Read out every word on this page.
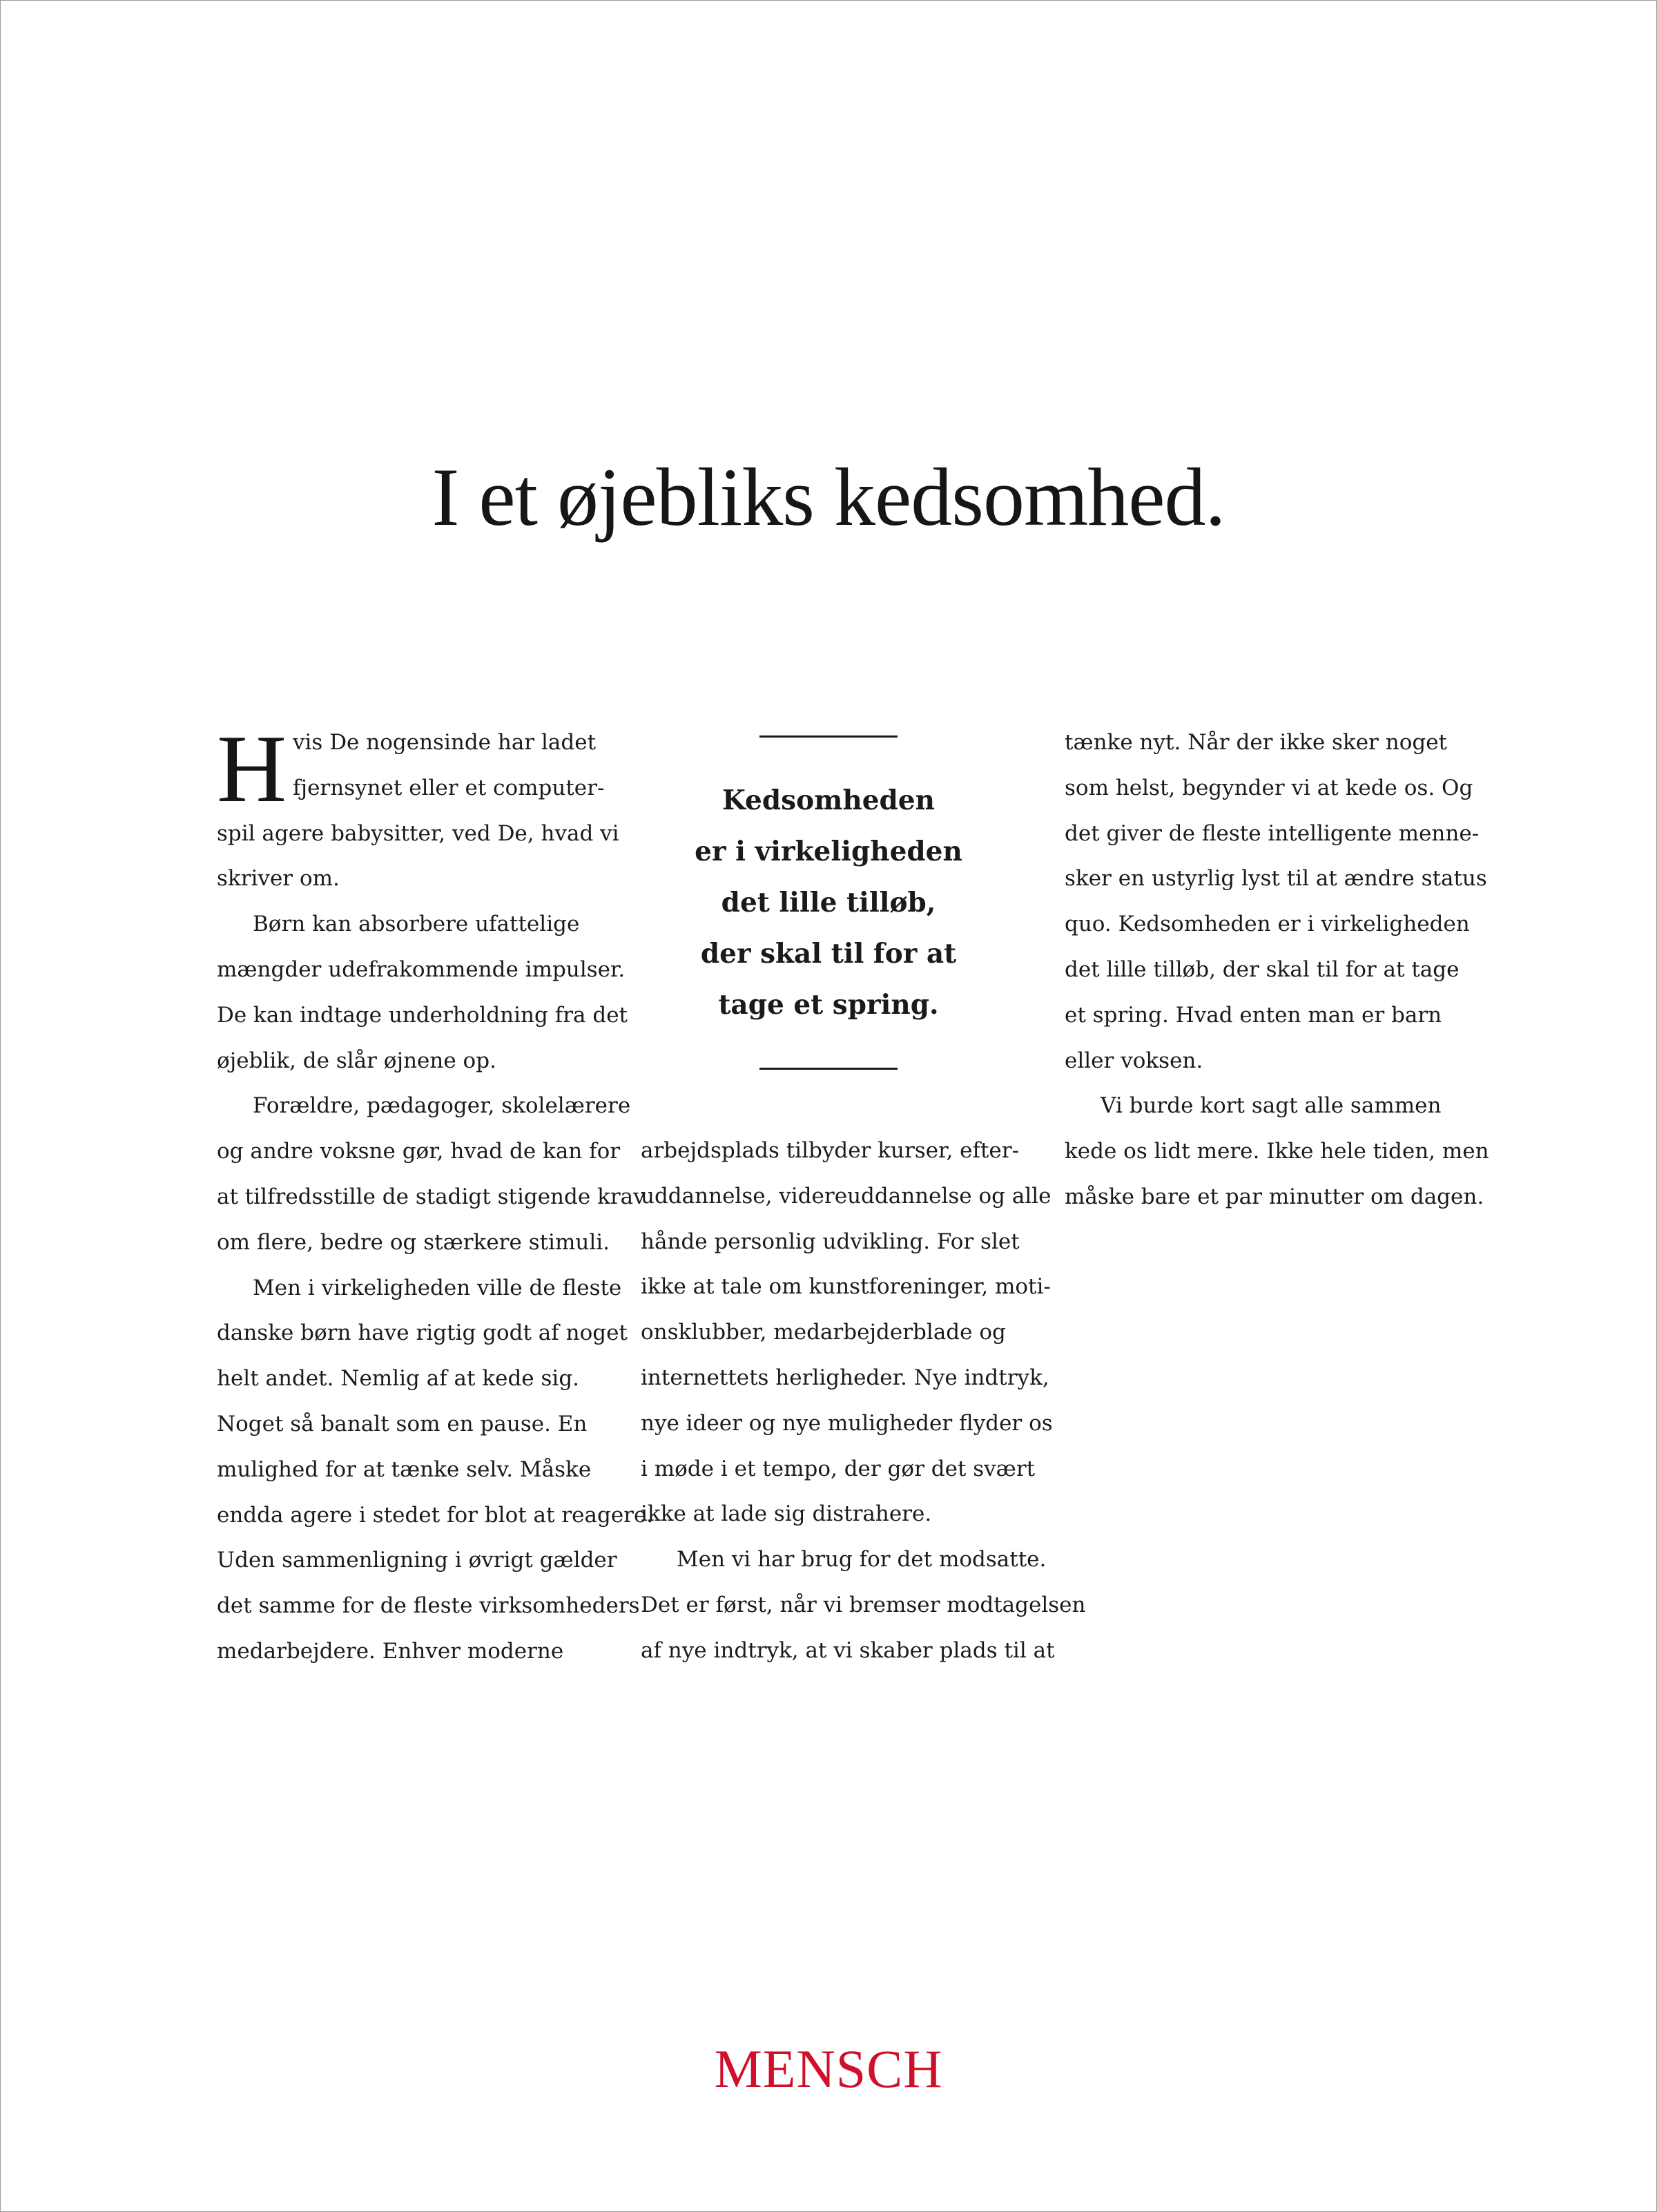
I et øjebliks kedsomhed.
H vis De nogensinde har ladet
fjernsynet eller et computer-
spil agere babysitter, ved De, hvad vi
skriver om.
Børn kan absorbere ufattelige
mængder udefrakommende impulser.
De kan indtage underholdning fra det
øjeblik, de slår øjnene op.
Forældre, pædagoger, skolelærere
og andre voksne gør, hvad de kan for
at tilfredsstille de stadigt stigende krav
om flere, bedre og stærkere stimuli.
Men i virkeligheden ville de fleste
danske børn have rigtig godt af noget
helt andet. Nemlig af at kede sig.
Noget så banalt som en pause. En
mulighed for at tænke selv. Måske
endda agere i stedet for blot at reagere.
Uden sammenligning i øvrigt gælder
det samme for de fleste virksomheders
medarbejdere. Enhver moderne
Kedsomheden
er i virkeligheden
det lille tilløb,
der skal til for at
tage et spring.
arbejdsplads tilbyder kurser, efter-
uddannelse, videreuddannelse og alle
hånde personlig udvikling. For slet
ikke at tale om kunstforeninger, moti-
onsklubber, medarbejderblade og
internettets herligheder. Nye indtryk,
nye ideer og nye muligheder flyder os
i møde i et tempo, der gør det svært
ikke at lade sig distrahere.
Men vi har brug for det modsatte.
Det er først, når vi bremser modtagelsen
af nye indtryk, at vi skaber plads til at
tænke nyt. Når der ikke sker noget
som helst, begynder vi at kede os. Og
det giver de fleste intelligente menne-
sker en ustyrlig lyst til at ændre status
quo. Kedsomheden er i virkeligheden
det lille tilløb, der skal til for at tage
et spring. Hvad enten man er barn
eller voksen.
Vi burde kort sagt alle sammen
kede os lidt mere. Ikke hele tiden, men
måske bare et par minutter om dagen.
MENSCH
